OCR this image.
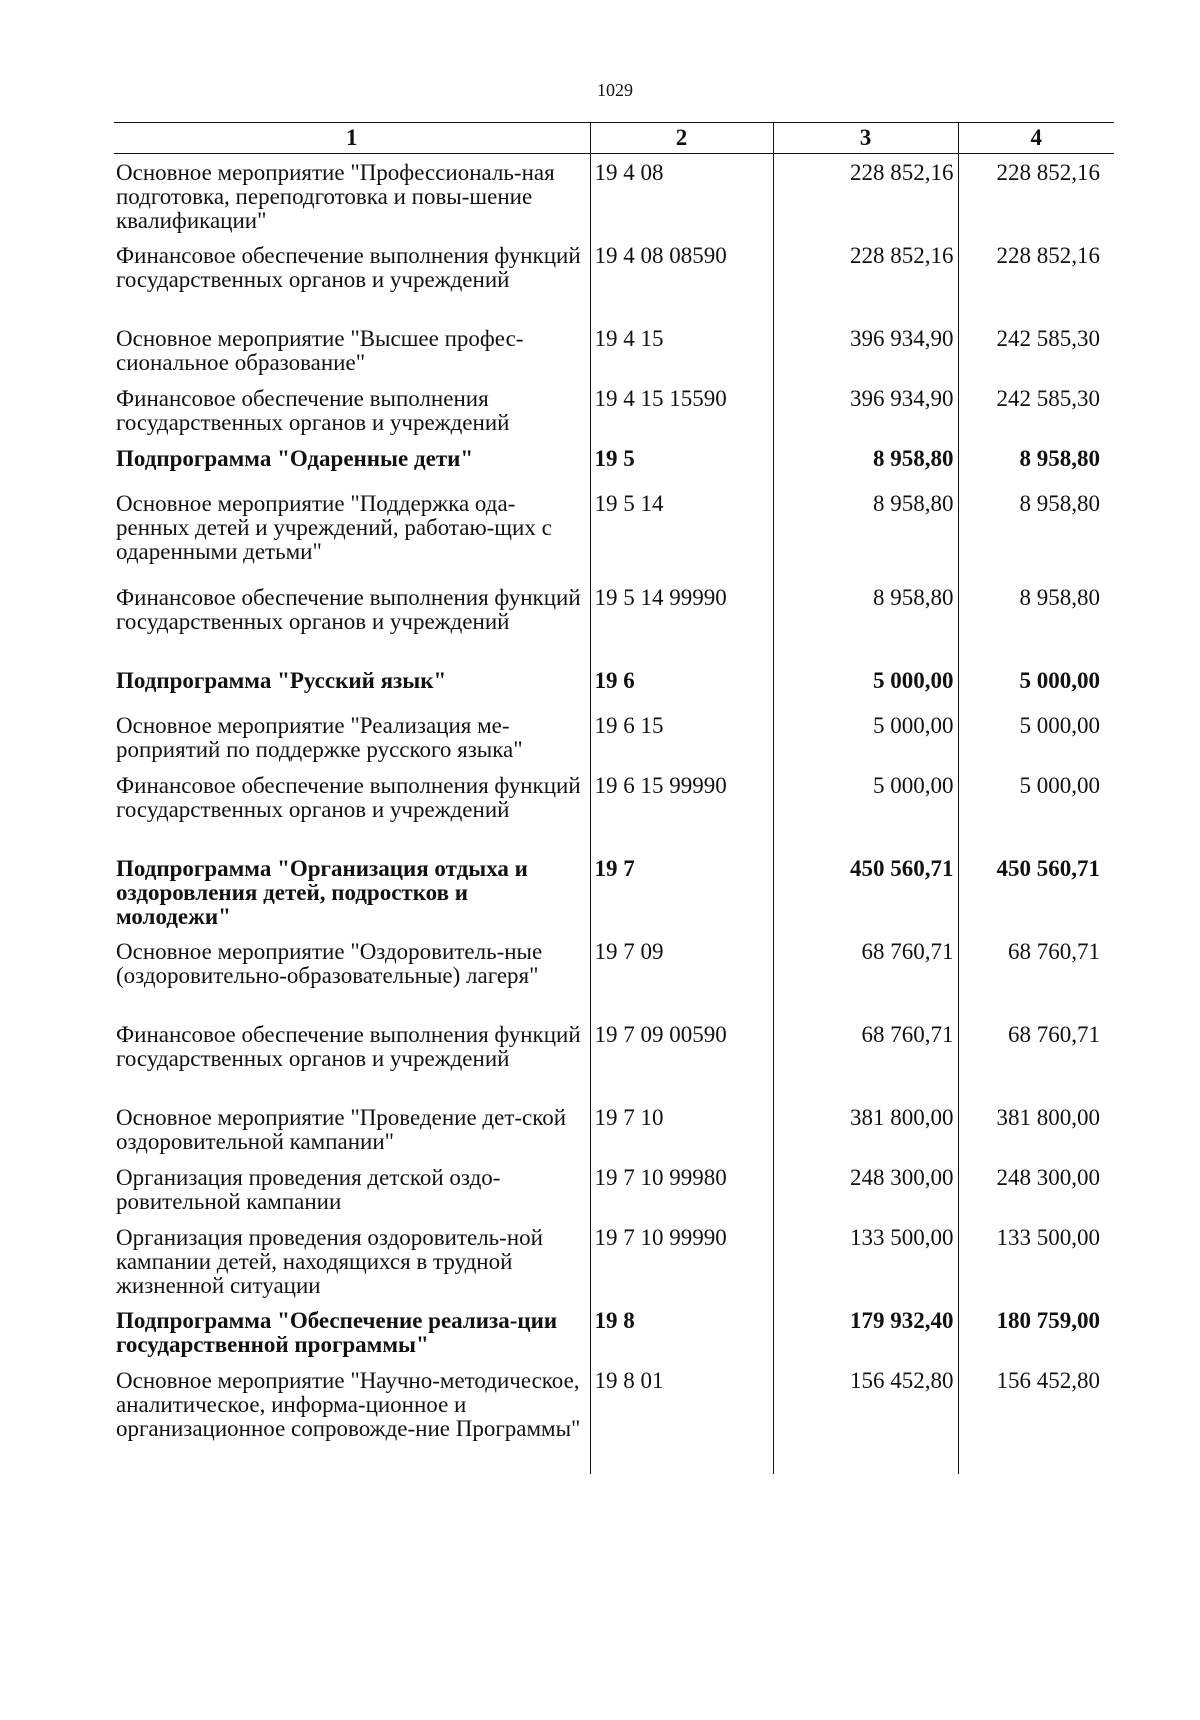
1029
1	2	3	4
Основное мероприятие "Профессиональ-ная подготовка, переподготовка и повы-шение квалификации"	19 4 08	228 852,16	228 852,16
Финансовое обеспечение выполнения функций государственных органов и учреждений	19 4 08 08590	228 852,16	228 852,16
Основное мероприятие "Высшее профес-сиональное образование"	19 4 15	396 934,90	242 585,30
Финансовое обеспечение выполнения государственных органов и учреждений	19 4 15 15590	396 934,90	242 585,30
Подпрограмма "Одаренные дети"	19 5	8 958,80	8 958,80
Основное мероприятие "Поддержка ода-ренных детей и учреждений, работаю-щих с одаренными детьми"	19 5 14	8 958,80	8 958,80
Финансовое обеспечение выполнения функций государственных органов и учреждений	19 5 14 99990	8 958,80	8 958,80
Подпрограмма "Русский язык"	19 6	5 000,00	5 000,00
Основное мероприятие "Реализация ме-роприятий по поддержке русского языка"	19 6 15	5 000,00	5 000,00
Финансовое обеспечение выполнения функций государственных органов и учреждений	19 6 15 99990	5 000,00	5 000,00
Подпрограмма "Организация отдыха и оздоровления детей, подростков и молодежи"	19 7	450 560,71	450 560,71
Основное мероприятие "Оздоровитель-ные (оздоровительно-образовательные) лагеря"	19 7 09	68 760,71	68 760,71
Финансовое обеспечение выполнения функций государственных органов и учреждений	19 7 09 00590	68 760,71	68 760,71
Основное мероприятие "Проведение дет-ской оздоровительной кампании"	19 7 10	381 800,00	381 800,00
Организация проведения детской оздо-ровительной кампании	19 7 10 99980	248 300,00	248 300,00
Организация проведения оздоровитель-ной кампании детей, находящихся в трудной жизненной ситуации	19 7 10 99990	133 500,00	133 500,00
Подпрограмма "Обеспечение реализа-ции государственной программы"	19 8	179 932,40	180 759,00
Основное мероприятие "Научно-методическое, аналитическое, информа-ционное и организационное сопровожде-ние Программы"	19 8 01	156 452,80	156 452,80
